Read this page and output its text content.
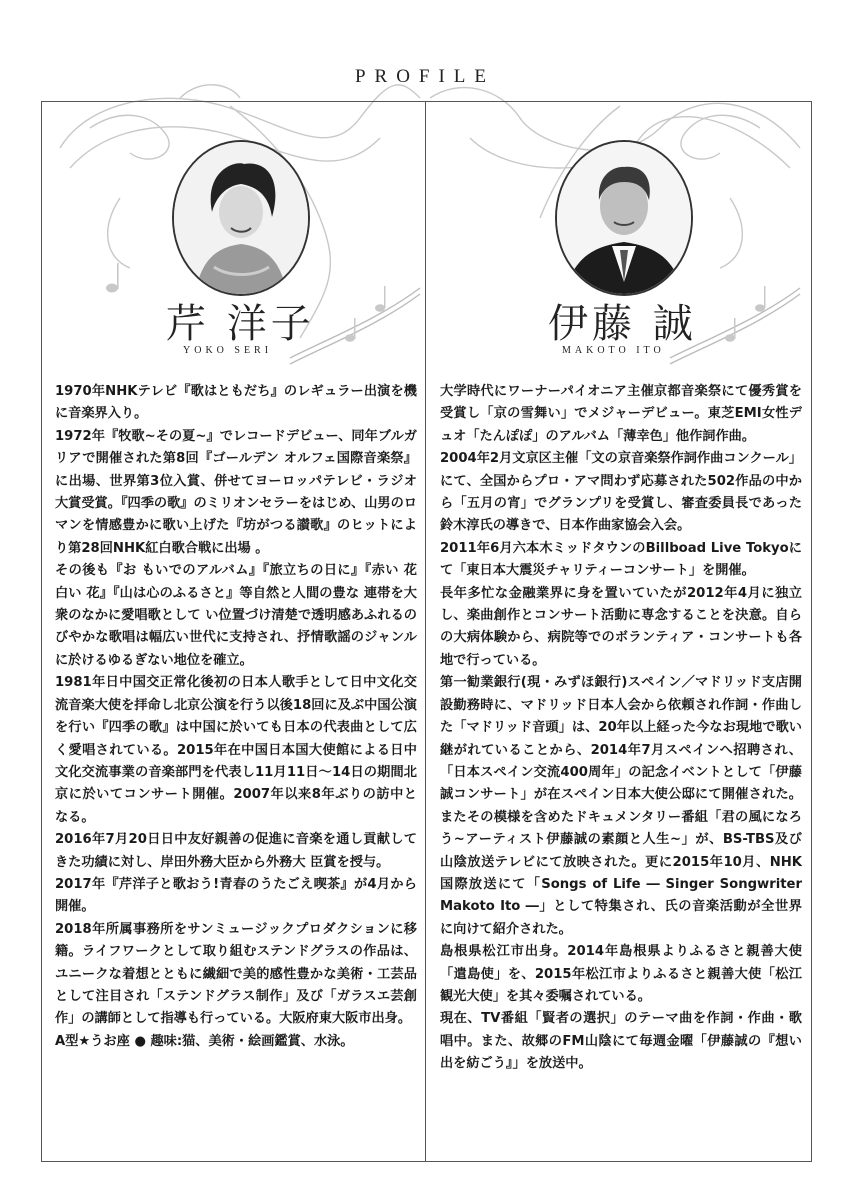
PROFILE
芹 洋子
YOKO SERI
伊藤 誠
MAKOTO ITO

1970年NHKテレビ『歌はともだち』のレギュラー出演を機に音楽界入り。

1972年『牧歌~その夏~』でレコードデビュー、同年ブルガリアで開催された第8回『ゴールデン オルフェ国際音楽祭』に出場、世界第3位入賞、併せてヨーロッパテレビ・ラジオ大賞受賞。『四季の歌』のミリオンセラーをはじめ、山男のロマンを情感豊かに歌い上げた『坊がつる讃歌』のヒットにより第28回NHK紅白歌合戦に出場 。

その後も『お もいでのアルバム』『旅立ちの日に』『赤い 花白い 花』『山は心のふるさと』等自然と人間の豊な 連帯を大衆のなかに愛唱歌として い位置づけ清楚で透明感あふれるのびやかな歌唱は幅広い世代に支持され、抒情歌謡のジャンルに於けるゆるぎない地位を確立。

1981年日中国交正常化後初の日本人歌手として日中文化交流音楽大使を拝命し北京公演を行う以後18回に及ぶ中国公演を行い『四季の歌』は中国に於いても日本の代表曲として広く愛唱されている。2015年在中国日本国大使館による日中文化交流事業の音楽部門を代表し11月11日～14日の期間北 京に於いてコンサート開催。2007年以来8年ぶりの訪中となる。

2016年7月20日日中友好親善の促進に音楽を通し貢献してきた功績に対し、岸田外務大臣から外務大 臣賞を授与。

2017年『芹洋子と歌おう!青春のうたごえ喫茶』が4月から開催。

2018年所属事務所をサンミュージックプロダクションに移籍。ライフワークとして取り組むステンドグラスの作品は、ユニークな着想とともに繊細で美的感性豊かな美術・工芸品として注目され「ステンドグラス制作」及び「ガラスエ芸創作」の講師として指導も行っている。大阪府東大阪市出身。

A型★うお座 ● 趣味:猫、美術・絵画鑑賞、水泳。

大学時代にワーナーパイオニア主催京都音楽祭にて優秀賞を受賞し「京の雪舞い」でメジャーデビュー。東芝EMI女性デュオ「たんぽぽ」のアルバム「薄幸色」他作詞作曲。

2004年2月文京区主催「文の京音楽祭作詞作曲コンクール」にて、全国からプロ・アマ問わず応募された502作品の中から「五月の宵」でグランプリを受賞し、審査委員長であった鈴木淳氏の導きで、日本作曲家協会入会。

2011年6月六本木ミッドタウンのBillboad Live Tokyoにて「東日本大震災チャリティーコンサート」を開催。

長年多忙な金融業界に身を置いていたが2012年4月に独立し、楽曲創作とコンサート活動に専念することを決意。自らの大病体験から、病院等でのボランティア・コンサートも各地で行っている。

第一勧業銀行(現・みずほ銀行)スペイン／マドリッド支店開設勤務時に、マドリッド日本人会から依頼され作詞・作曲した「マドリッド音頭」は、20年以上経った今なお現地で歌い継がれていることから、2014年7月スペインへ招聘され、「日本スペイン交流400周年」の記念イベントとして「伊藤誠コンサート」が在スペイン日本大使公邸にて開催された。またその模様を含めたドキュメンタリー番組「君の風になろう~アーティスト伊藤誠の素顔と人生~」が、BS-TBS及び山陰放送テレビにて放映された。更に2015年10月、NHK国際放送にて「Songs of Life ― Singer Songwriter Makoto Ito ―」として特集され、氏の音楽活動が全世界に向けて紹介された。

島根県松江市出身。2014年島根県よりふるさと親善大使「遣島使」を、2015年松江市よりふるさと親善大使「松江観光大使」を其々委嘱されている。

現在、TV番組「賢者の選択」のテーマ曲を作詞・作曲・歌唱中。また、故郷のFM山陰にて毎週金曜「伊藤誠の『想い出を紡ごう』」を放送中。
